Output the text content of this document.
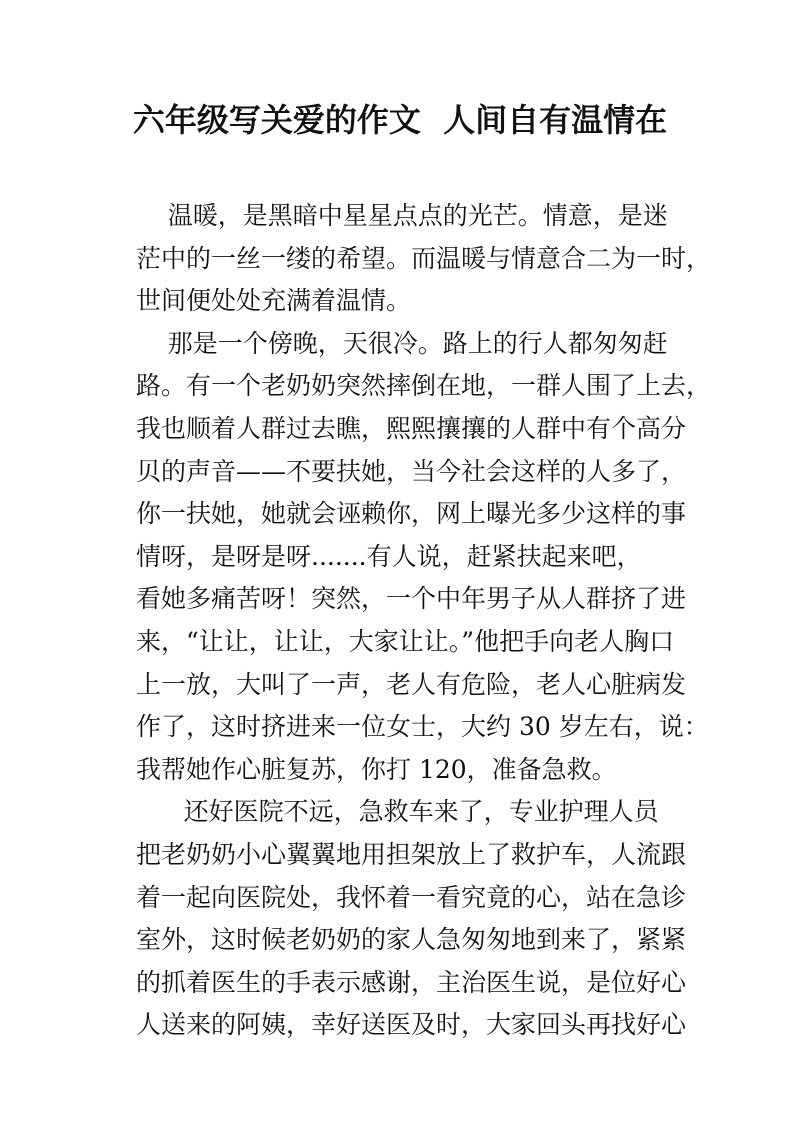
六年级写关爱的作文  人间自有温情在
温暖，是黑暗中星星点点的光芒。情意，是迷
茫中的一丝一缕的希望。而温暖与情意合二为一时，
世间便处处充满着温情。
那是一个傍晚，天很冷。路上的行人都匆匆赶
路。有一个老奶奶突然摔倒在地，一群人围了上去，
我也顺着人群过去瞧，熙熙攘攘的人群中有个高分
贝的声音——不要扶她，当今社会这样的人多了，
你一扶她，她就会诬赖你，网上曝光多少这样的事
情呀，是呀是呀.......有人说，赶紧扶起来吧，
看她多痛苦呀！突然，一个中年男子从人群挤了进
来，“让让，让让，大家让让。”他把手向老人胸口
上一放，大叫了一声，老人有危险，老人心脏病发
作了，这时挤进来一位女士，大约 30 岁左右，说：
我帮她作心脏复苏，你打 120，准备急救。
还好医院不远，急救车来了，专业护理人员
把老奶奶小心翼翼地用担架放上了救护车，人流跟
着一起向医院处，我怀着一看究竟的心，站在急诊
室外，这时候老奶奶的家人急匆匆地到来了，紧紧
的抓着医生的手表示感谢，主治医生说，是位好心
人送来的阿姨，幸好送医及时，大家回头再找好心
